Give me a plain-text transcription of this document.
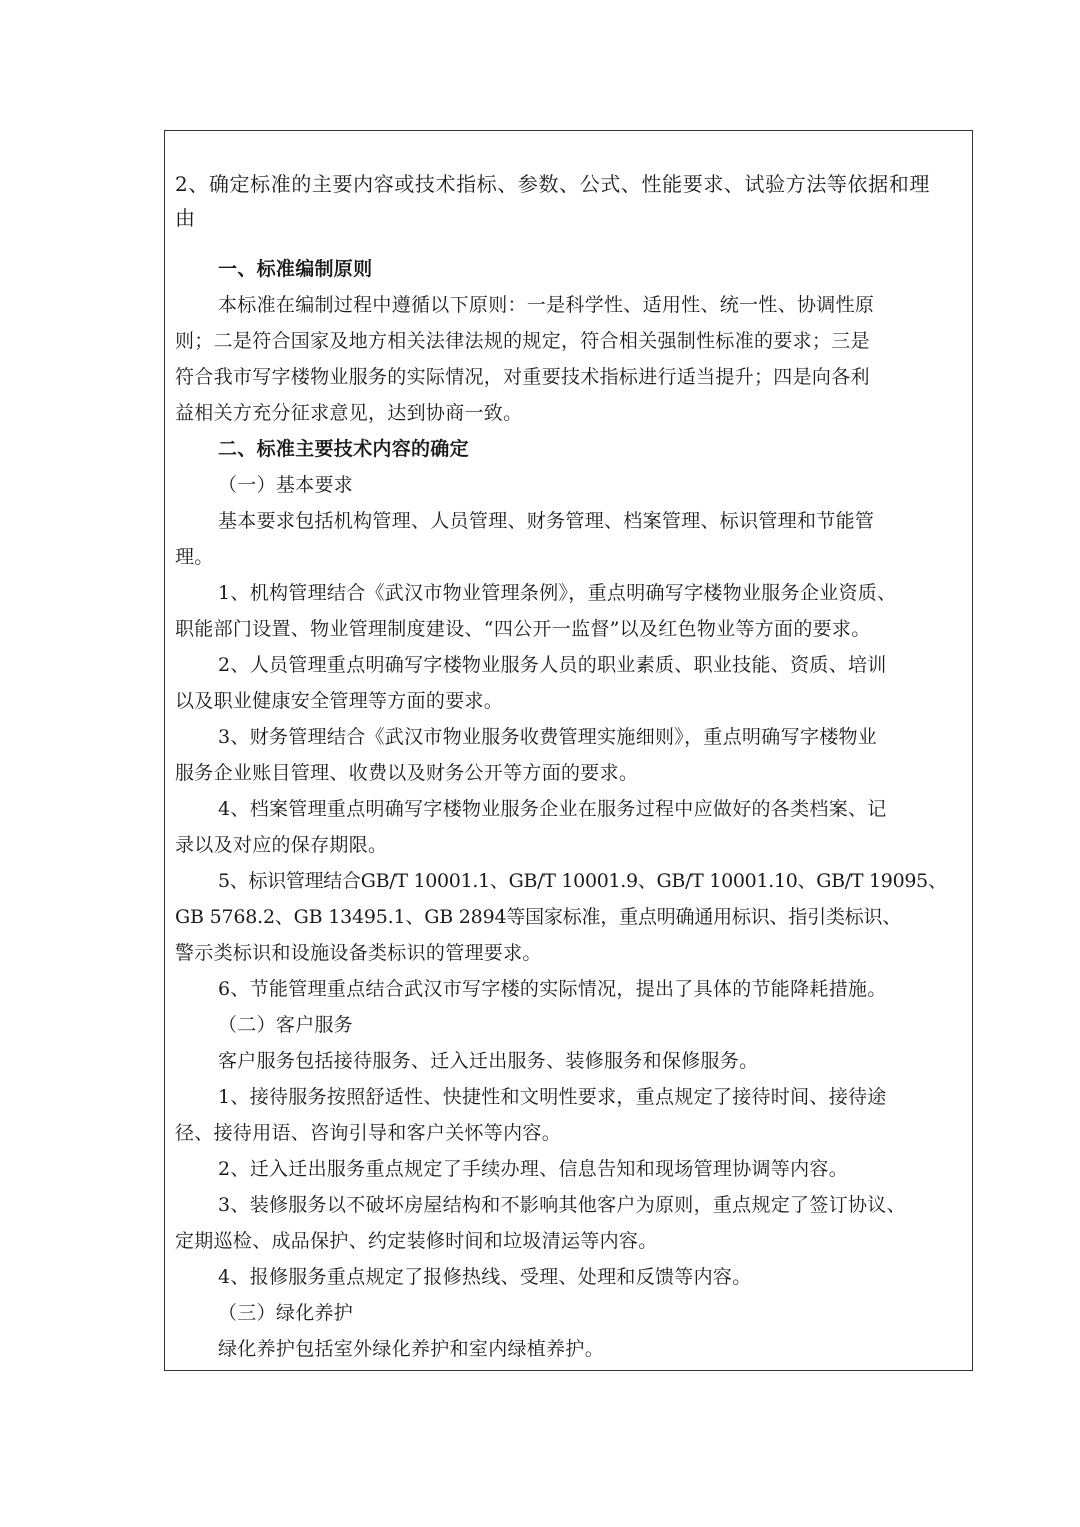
2、确定标准的主要内容或技术指标、参数、公式、性能要求、试验方法等依据和理
由
一、标准编制原则
本标准在编制过程中遵循以下原则：一是科学性、适用性、统一性、协调性原
则；二是符合国家及地方相关法律法规的规定，符合相关强制性标准的要求；三是
符合我市写字楼物业服务的实际情况，对重要技术指标进行适当提升；四是向各利
益相关方充分征求意见，达到协商一致。
二、标准主要技术内容的确定
（一）基本要求
基本要求包括机构管理、人员管理、财务管理、档案管理、标识管理和节能管
理。
1、机构管理结合《武汉市物业管理条例》，重点明确写字楼物业服务企业资质、
职能部门设置、物业管理制度建设、“四公开一监督”以及红色物业等方面的要求。
2、人员管理重点明确写字楼物业服务人员的职业素质、职业技能、资质、培训
以及职业健康安全管理等方面的要求。
3、财务管理结合《武汉市物业服务收费管理实施细则》，重点明确写字楼物业
服务企业账目管理、收费以及财务公开等方面的要求。
4、档案管理重点明确写字楼物业服务企业在服务过程中应做好的各类档案、记
录以及对应的保存期限。
5、标识管理结合GB/T 10001.1、GB/T 10001.9、GB/T 10001.10、GB/T 19095、
GB 5768.2、GB 13495.1、GB 2894等国家标准，重点明确通用标识、指引类标识、
警示类标识和设施设备类标识的管理要求。
6、节能管理重点结合武汉市写字楼的实际情况，提出了具体的节能降耗措施。
（二）客户服务
客户服务包括接待服务、迁入迁出服务、装修服务和保修服务。
1、接待服务按照舒适性、快捷性和文明性要求，重点规定了接待时间、接待途
径、接待用语、咨询引导和客户关怀等内容。
2、迁入迁出服务重点规定了手续办理、信息告知和现场管理协调等内容。
3、装修服务以不破坏房屋结构和不影响其他客户为原则，重点规定了签订协议、
定期巡检、成品保护、约定装修时间和垃圾清运等内容。
4、报修服务重点规定了报修热线、受理、处理和反馈等内容。
（三）绿化养护
绿化养护包括室外绿化养护和室内绿植养护。
